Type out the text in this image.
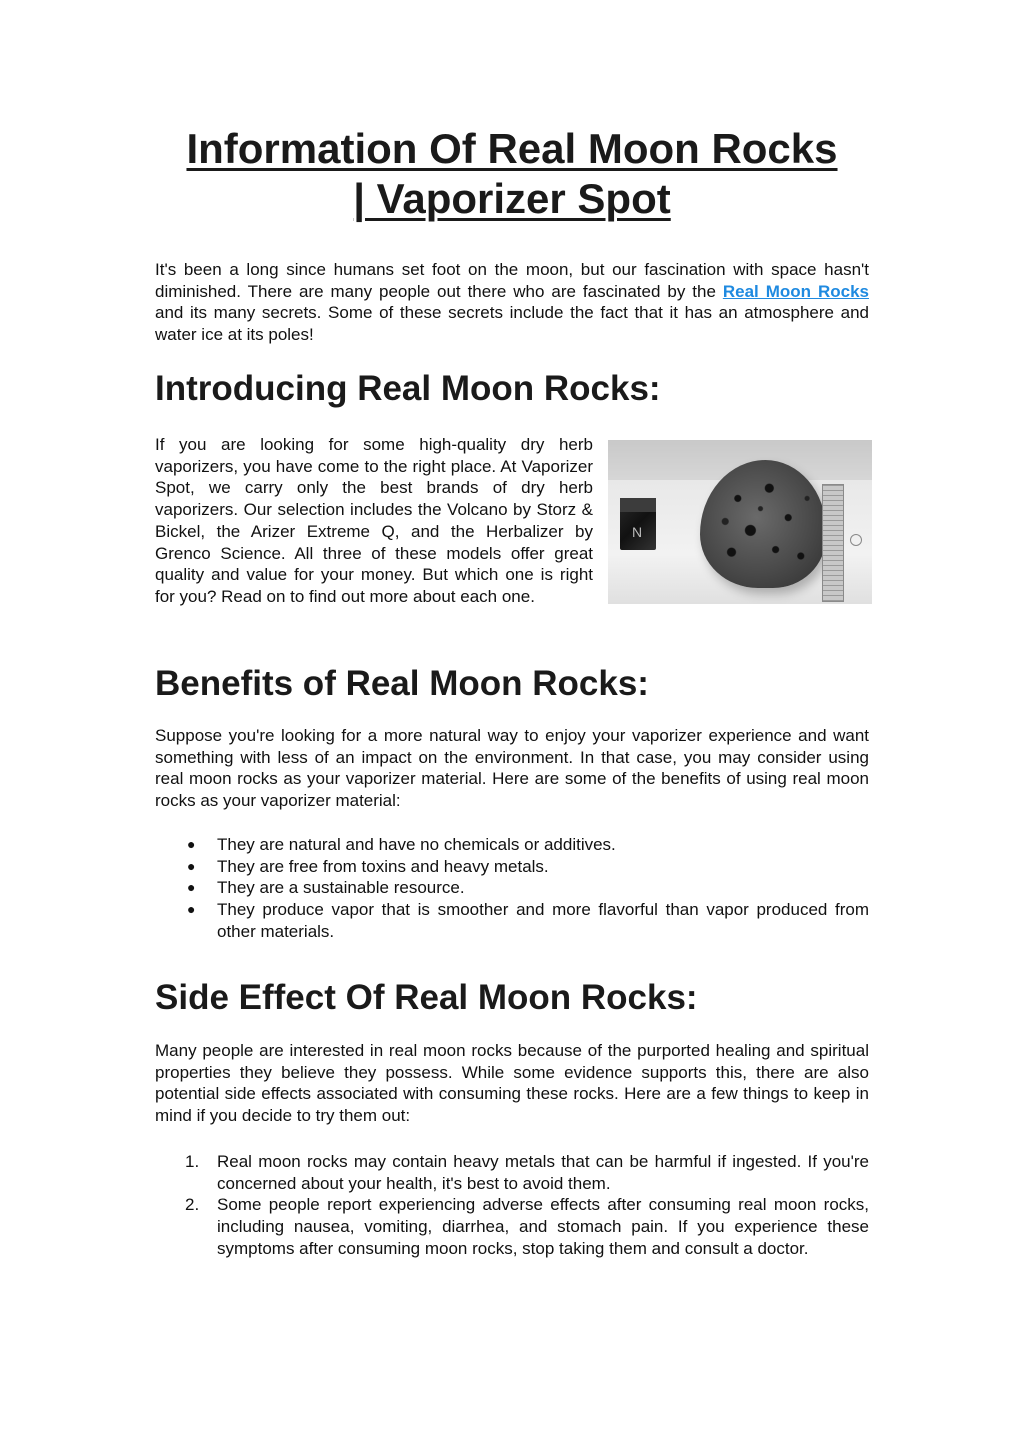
Information Of Real Moon Rocks
| Vaporizer Spot

It's been a long since humans set foot on the moon, but our fascination with space hasn't diminished. There are many people out there who are fascinated by the Real Moon Rocks and its many secrets. Some of these secrets include the fact that it has an atmosphere and water ice at its poles!

Introducing Real Moon Rocks:

If you are looking for some high-quality dry herb vaporizers, you have come to the right place. At Vaporizer Spot, we carry only the best brands of dry herb vaporizers. Our selection includes the Volcano by Storz & Bickel, the Arizer Extreme Q, and the Herbalizer by Grenco Science. All three of these models offer great quality and value for your money. But which one is right for you? Read on to find out more about each one.

N
Benefits of Real Moon Rocks:

Suppose you're looking for a more natural way to enjoy your vaporizer experience and want something with less of an impact on the environment. In that case, you may consider using real moon rocks as your vaporizer material. Here are some of the benefits of using real moon rocks as your vaporizer material:

●	They are natural and have no chemicals or additives.
●	They are free from toxins and heavy metals.
●	They are a sustainable resource.
●	They produce vapor that is smoother and more flavorful than vapor produced from other materials.
Side Effect Of Real Moon Rocks:

Many people are interested in real moon rocks because of the purported healing and spiritual properties they believe they possess. While some evidence supports this, there are also potential side effects associated with consuming these rocks. Here are a few things to keep in mind if you decide to try them out:

1.	Real moon rocks may contain heavy metals that can be harmful if ingested. If you're concerned about your health, it's best to avoid them.
2.	Some people report experiencing adverse effects after consuming real moon rocks, including nausea, vomiting, diarrhea, and stomach pain. If you experience these symptoms after consuming moon rocks, stop taking them and consult a doctor.
